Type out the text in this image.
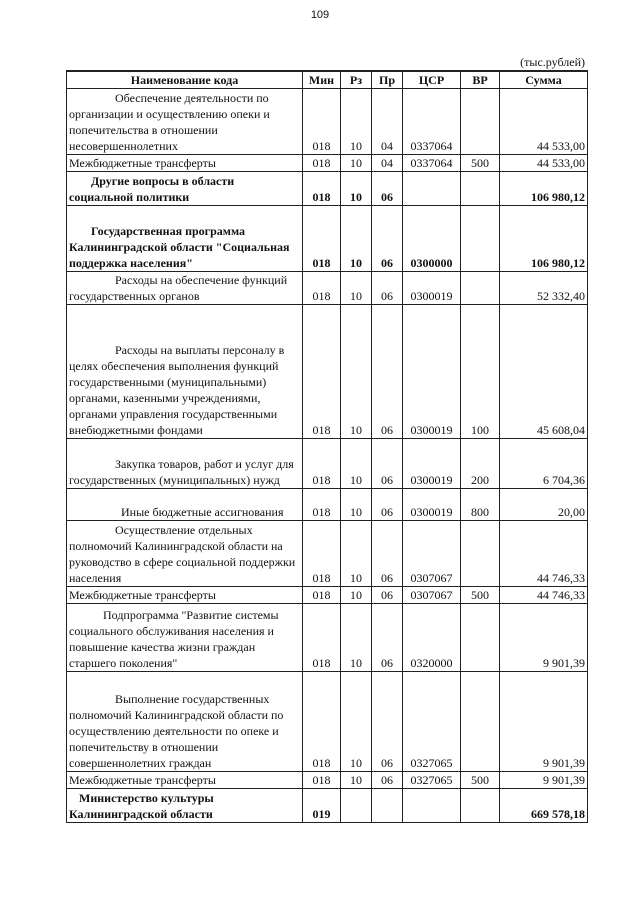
109
(тыс.рублей)
Наименование кода	Мин	Рз	Пр	ЦСР	ВР	Сумма
Обеспечение деятельности по организации и осуществлению опеки и попечительства в отношении несовершеннолетних	018	10	04	0337064		44 533,00
Межбюджетные трансферты	018	10	04	0337064	500	44 533,00
Другие вопросы в области социальной политики	018	10	06			106 980,12
Государственная программа Калининградской области "Социальная поддержка населения"	018	10	06	0300000		106 980,12
Расходы на обеспечение функций государственных органов	018	10	06	0300019		52 332,40
Расходы на выплаты персоналу в целях обеспечения выполнения функций государственными (муниципальными) органами, казенными учреждениями, органами управления государственными внебюджетными фондами	018	10	06	0300019	100	45 608,04
Закупка товаров, работ и услуг для государственных (муниципальных) нужд	018	10	06	0300019	200	6 704,36
Иные бюджетные ассигнования	018	10	06	0300019	800	20,00
Осуществление отдельных полномочий Калининградской области на руководство в сфере социальной поддержки населения	018	10	06	0307067		44 746,33
Межбюджетные трансферты	018	10	06	0307067	500	44 746,33
Подпрограмма "Развитие системы социального обслуживания населения и повышение качества жизни граждан старшего поколения"	018	10	06	0320000		9 901,39
Выполнение государственных полномочий Калининградской области по осуществлению деятельности по опеке и попечительству в отношении совершеннолетних граждан	018	10	06	0327065		9 901,39
Межбюджетные трансферты	018	10	06	0327065	500	9 901,39
Министерство культуры Калининградской области	019					669 578,18
